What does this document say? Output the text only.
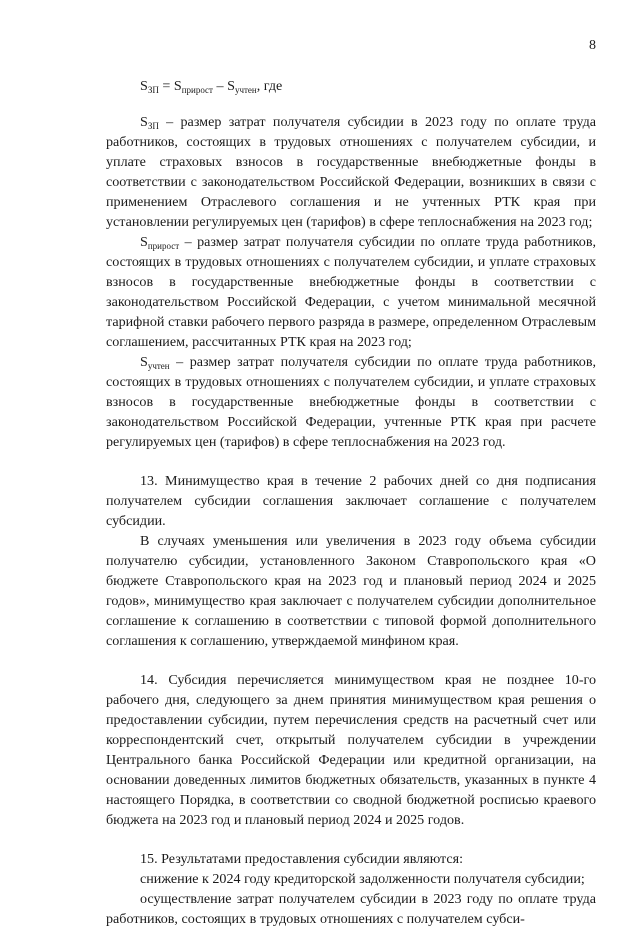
8

$S_{ЗП} = S_{прирост} - S_{учтен}$, где

$S_{ЗП}$ – размер затрат получателя субсидии в 2023 году по оплате труда работников, состоящих в трудовых отношениях с получателем субсидии, и уплате страховых взносов в государственные внебюджетные фонды в соответствии с законодательством Российской Федерации, возникших в связи с применением Отраслевого соглашения и не учтенных РТК края при установлении регулируемых цен (тарифов) в сфере теплоснабжения на 2023 год;

$S_{прирост}$ – размер затрат получателя субсидии по оплате труда работников, состоящих в трудовых отношениях с получателем субсидии, и уплате страховых взносов в государственные внебюджетные фонды в соответствии с законодательством Российской Федерации, с учетом минимальной месячной тарифной ставки рабочего первого разряда в размере, определенном Отраслевым соглашением, рассчитанных РТК края на 2023 год;

$S_{учтен}$ – размер затрат получателя субсидии по оплате труда работников, состоящих в трудовых отношениях с получателем субсидии, и уплате страховых взносов в государственные внебюджетные фонды в соответствии с законодательством Российской Федерации, учтенные РТК края при расчете регулируемых цен (тарифов) в сфере теплоснабжения на 2023 год.

13. Минимущество края в течение 2 рабочих дней со дня подписания получателем субсидии соглашения заключает соглашение с получателем субсидии.

В случаях уменьшения или увеличения в 2023 году объема субсидии получателю субсидии, установленного Законом Ставропольского края «О бюджете Ставропольского края на 2023 год и плановый период 2024 и 2025 годов», минимущество края заключает с получателем субсидии дополнительное соглашение к соглашению в соответствии с типовой формой дополнительного соглашения к соглашению, утверждаемой минфином края.

14. Субсидия перечисляется минимуществом края не позднее 10-го рабочего дня, следующего за днем принятия минимуществом края решения о предоставлении субсидии, путем перечисления средств на расчетный счет или корреспондентский счет, открытый получателем субсидии в учреждении Центрального банка Российской Федерации или кредитной организации, на основании доведенных лимитов бюджетных обязательств, указанных в пункте 4 настоящего Порядка, в соответствии со сводной бюджетной росписью краевого бюджета на 2023 год и плановый период 2024 и 2025 годов.

15. Результатами предоставления субсидии являются:

снижение к 2024 году кредиторской задолженности получателя субсидии;

осуществление затрат получателем субсидии в 2023 году по оплате труда работников, состоящих в трудовых отношениях с получателем субси-
